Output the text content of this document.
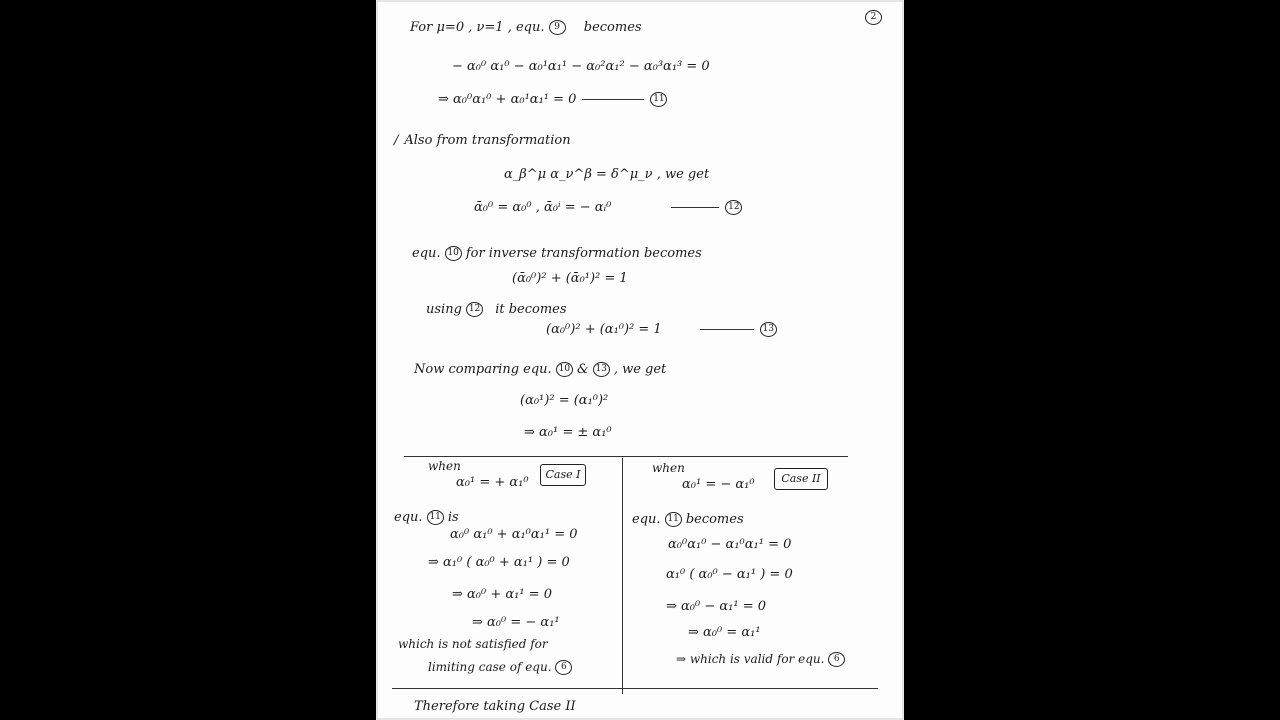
2
For μ=0 , ν=1 , equ. 9 becomes
− α₀⁰ α₁⁰ − α₀¹α₁¹ − α₀²α₁² − α₀³α₁³ = 0
⇒ α₀⁰α₁⁰ + α₀¹α₁¹ = 0	11
/ Also from transformation
α_β^μ α_ν^β = δ^μ_ν , we get
ᾱ₀⁰ = α₀⁰ , ᾱ₀ⁱ = − αᵢ⁰	12
equ. 10 for inverse transformation becomes
(ᾱ₀⁰)² + (ᾱ₀¹)² = 1
using 12 it becomes
(α₀⁰)² + (α₁⁰)² = 1	13
Now comparing equ. 10 & 13 , we get
(α₀¹)² = (α₁⁰)²
⇒ α₀¹ = ± α₁⁰
when
α₀¹ = + α₁⁰
Case I
equ. 11 is
α₀⁰ α₁⁰ + α₁⁰α₁¹ = 0
⇒ α₁⁰ ( α₀⁰ + α₁¹ ) = 0
⇒ α₀⁰ + α₁¹ = 0
⇒ α₀⁰ = − α₁¹
which is not satisfied for
limiting case of equ. 6
when
α₀¹ = − α₁⁰	Case II
equ. 11 becomes
α₀⁰α₁⁰ − α₁⁰α₁¹ = 0
α₁⁰ ( α₀⁰ − α₁¹ ) = 0
⇒ α₀⁰ − α₁¹ = 0
⇒ α₀⁰ = α₁¹
⇒ which is valid for equ. 6
Therefore taking Case II
